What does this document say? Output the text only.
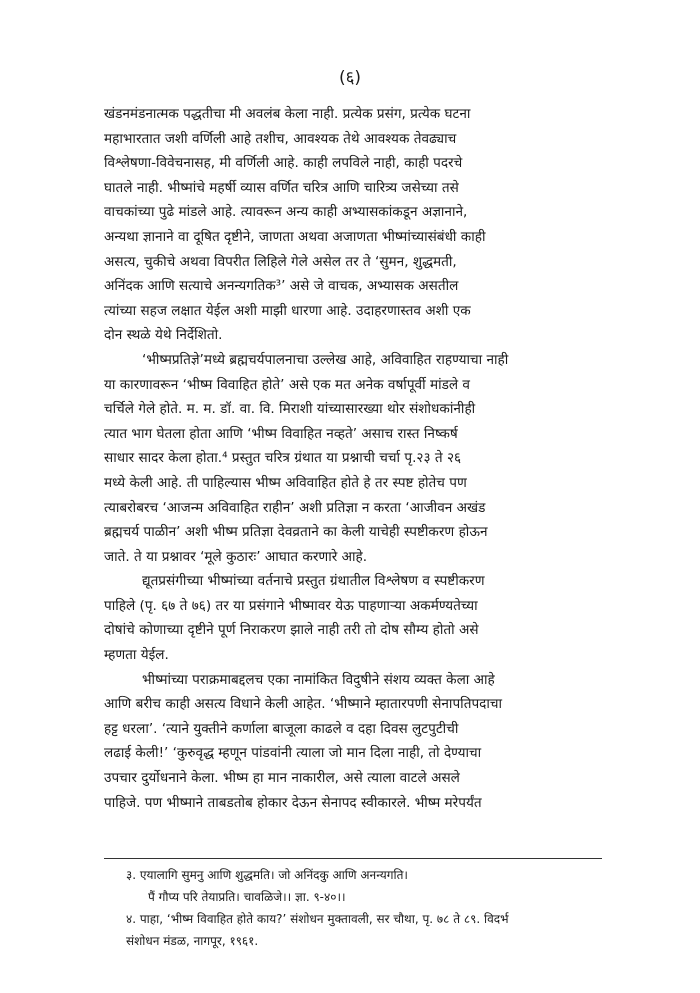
(६)
खंडनमंडनात्मक पद्धतीचा मी अवलंब केला नाही. प्रत्येक प्रसंग, प्रत्येक घटना
महाभारतात जशी वर्णिली आहे तशीच, आवश्यक तेथे आवश्यक तेवढ्याच
विश्लेषणा-विवेचनासह, मी वर्णिली आहे. काही लपविले नाही, काही पदरचे
घातले नाही. भीष्मांचे महर्षी व्यास वर्णित चरित्र आणि चारित्र्य जसेच्या तसे
वाचकांच्या पुढे मांडले आहे. त्यावरून अन्य काही अभ्यासकांकडून अज्ञानाने,
अन्यथा ज्ञानाने वा दूषित दृष्टीने, जाणता अथवा अजाणता भीष्मांच्यासंबंधी काही
असत्य, चुकीचे अथवा विपरीत लिहिले गेले असेल तर ते ‘सुमन, शुद्धमती,
अनिंदक आणि सत्याचे अनन्यगतिक³’ असे जे वाचक, अभ्यासक असतील
त्यांच्या सहज लक्षात येईल अशी माझी धारणा आहे. उदाहरणास्तव अशी एक
दोन स्थळे येथे निर्देशितो.
‘भीष्मप्रतिज्ञे’मध्ये ब्रह्मचर्यपालनाचा उल्लेख आहे, अविवाहित राहण्याचा नाही
या कारणावरून ‘भीष्म विवाहित होते’ असे एक मत अनेक वर्षापूर्वी मांडले व
चर्चिले गेले होते. म. म. डॉ. वा. वि. मिराशी यांच्यासारख्या थोर संशोधकांनीही
त्यात भाग घेतला होता आणि ‘भीष्म विवाहित नव्हते’ असाच रास्त निष्कर्ष
साधार सादर केला होता.⁴ प्रस्तुत चरित्र ग्रंथात या प्रश्नाची चर्चा पृ.२३ ते २६
मध्ये केली आहे. ती पाहिल्यास भीष्म अविवाहित होते हे तर स्पष्ट होतेच पण
त्याबरोबरच ‘आजन्म अविवाहित राहीन’ अशी प्रतिज्ञा न करता ‘आजीवन अखंड
ब्रह्मचर्य पाळीन’ अशी भीष्म प्रतिज्ञा देवव्रताने का केली याचेही स्पष्टीकरण होऊन
जाते. ते या प्रश्नावर ‘मूले कुठारः’ आघात करणारे आहे.
द्यूतप्रसंगीच्या भीष्मांच्या वर्तनाचे प्रस्तुत ग्रंथातील विश्लेषण व स्पष्टीकरण
पाहिले (पृ. ६७ ते ७६) तर या प्रसंगाने भीष्मावर येऊ पाहणाऱ्या अकर्मण्यतेच्या
दोषांचे कोणाच्या दृष्टीने पूर्ण निराकरण झाले नाही तरी तो दोष सौम्य होतो असे
म्हणता येईल.
भीष्मांच्या पराक्रमाबद्दलच एका नामांकित विदुषीने संशय व्यक्त केला आहे
आणि बरीच काही असत्य विधाने केली आहेत. ‘भीष्माने म्हातारपणी सेनापतिपदाचा
हट्ट धरला’. ‘त्याने युक्तीने कर्णाला बाजूला काढले व दहा दिवस लुटपुटीची
लढाई केली!’ ‘कुरुवृद्ध म्हणून पांडवांनी त्याला जो मान दिला नाही, तो देण्याचा
उपचार दुर्योधनाने केला. भीष्म हा मान नाकारील, असे त्याला वाटले असले
पाहिजे. पण भीष्माने ताबडतोब होकार देऊन सेनापद स्वीकारले. भीष्म मरेपर्यंत
३. एयालागि सुमनु आणि शुद्धमति। जो अनिंदकु आणि अनन्यगति।
पैं गौप्य परि तेयाप्रति। चावळिजे।। ज्ञा. ९-४०।।
४. पाहा, ‘भीष्म विवाहित होते काय?’ संशोधन मुक्तावली, सर चौथा, पृ. ७८ ते ८९. विदर्भ
संशोधन मंडळ, नागपूर, १९६१.
